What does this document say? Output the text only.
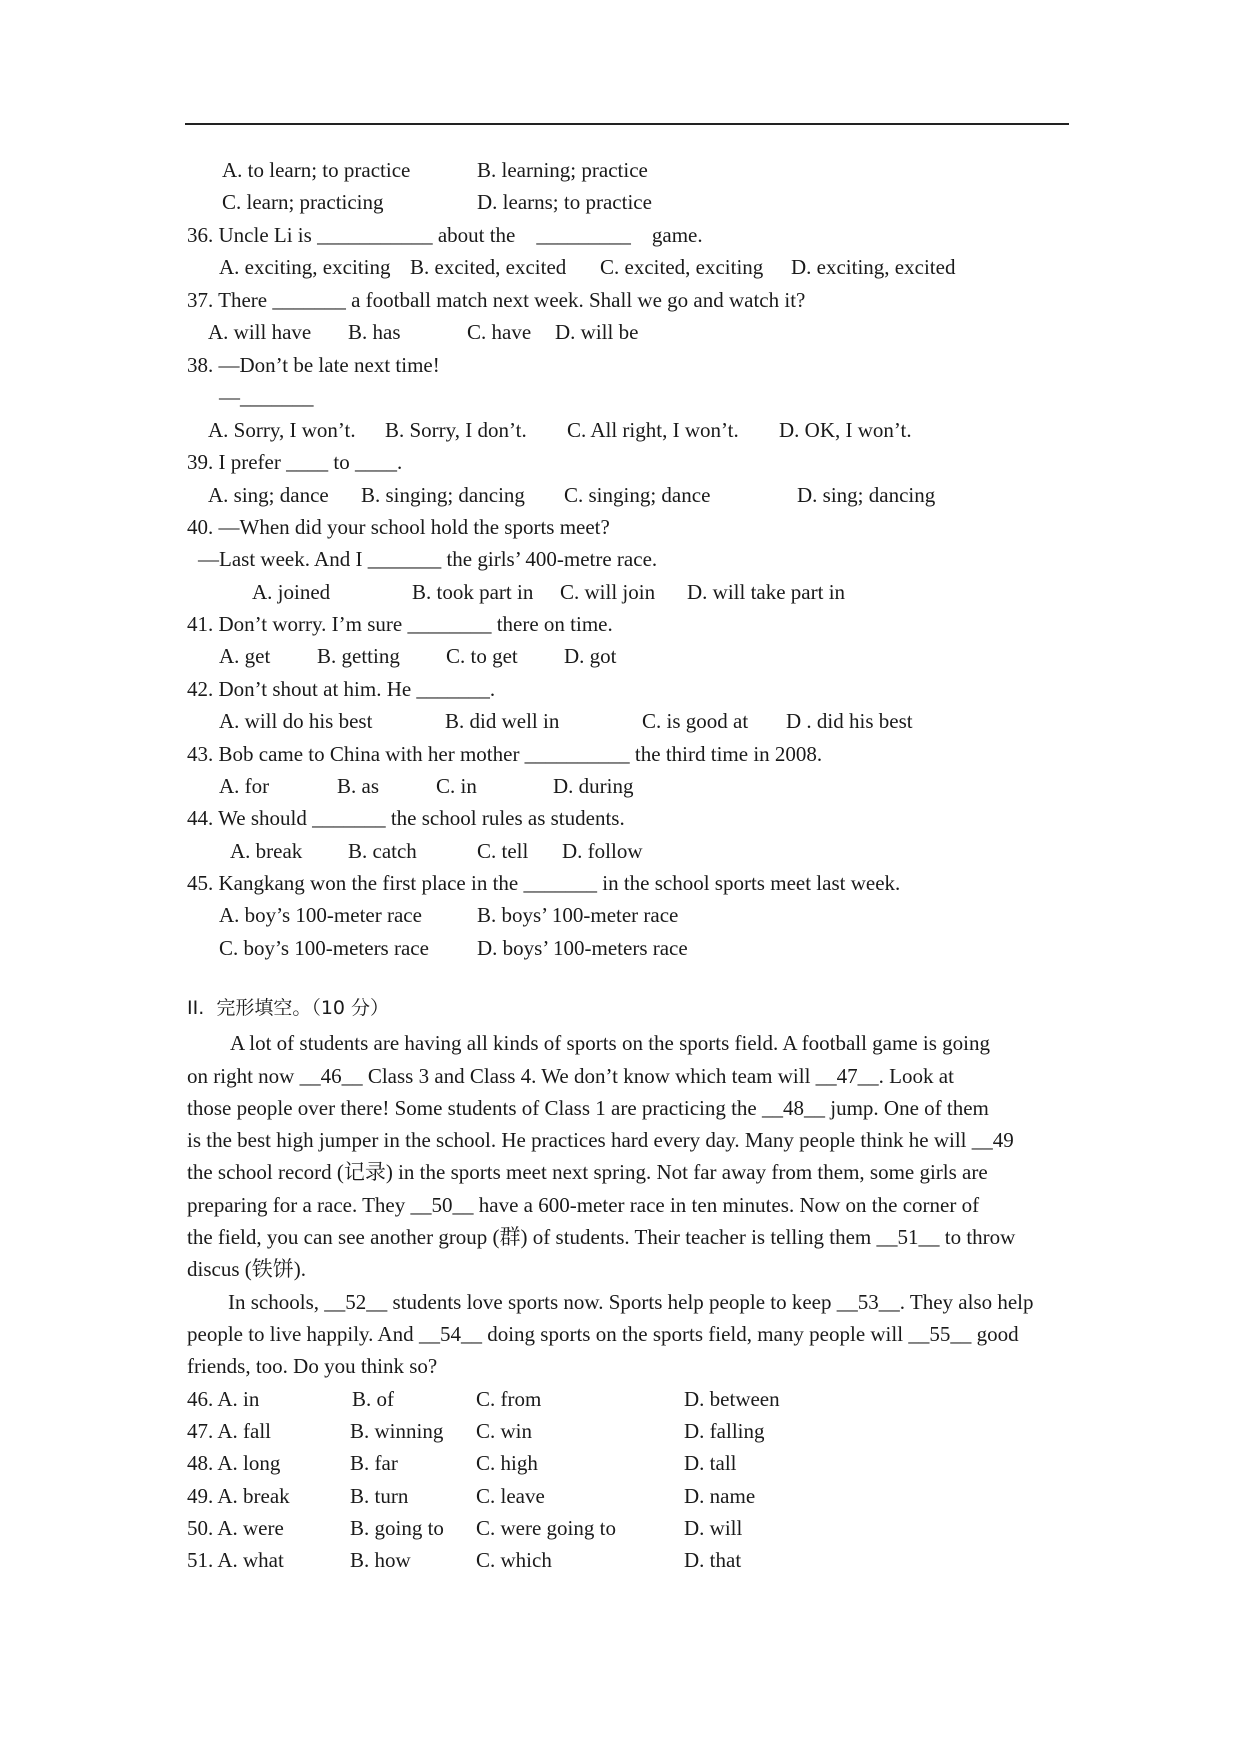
A. to learn; to practice	B. learning; practice
C. learn; practicing	D. learns; to practice
36. Uncle Li is ___________ about the    _________    game.
A. exciting, exciting B. excited, excited C. excited, exciting D. exciting, excited
37. There _______ a football match next week. Shall we go and watch it?
A. will have B. has	C. have D. will be
38. —Don’t be late next time!
—_______
A. Sorry, I won’t. B. Sorry, I don’t. C. All right, I won’t. D. OK, I won’t.
39. I prefer ____ to ____.
A. sing; dance B. singing; dancing C. singing; dance	D. sing; dancing
40. —When did your school hold the sports meet?
—Last week. And I _______ the girls’ 400-metre race.
A. joined	B. took part in C. will join D. will take part in
41. Don’t worry. I’m sure ________ there on time.
A. get B. getting C. to get D. got
42. Don’t shout at him. He _______.
A. will do his best	B. did well in	C. is good at D . did his best
43. Bob came to China with her mother __________ the third time in 2008.
A. for	B. as	C. in	D. during
44. We should _______ the school rules as students.
A. break B. catch	C. tell D. follow
45. Kangkang won the first place in the _______ in the school sports meet last week.
A. boy’s 100-meter race	B. boys’ 100-meter race
C. boy’s 100-meters race D. boys’ 100-meters race
II.  完形填空。（10 分）
A lot of students are having all kinds of sports on the sports field. A football game is going
on right now __46__ Class 3 and Class 4. We don’t know which team will __47__. Look at
those people over there! Some students of Class 1 are practicing the __48__ jump. One of them
is the best high jumper in the school. He practices hard every day. Many people think he will __49
the school record (记录) in the sports meet next spring. Not far away from them, some girls are
preparing for a race. They __50__ have a 600-meter race in ten minutes. Now on the corner of
the field, you can see another group (群) of students. Their teacher is telling them __51__ to throw
discus (铁饼).
In schools, __52__ students love sports now. Sports help people to keep __53__. They also help
people to live happily. And __54__ doing sports on the sports field, many people will __55__ good
friends, too. Do you think so?
46. A. in	B. of	C. from	D. between
47. A. fall	B. winning C. win	D. falling
48. A. long	B. far	C. high	D. tall
49. A. break	B. turn	C. leave	D. name
50. A. were	B. going to C. were going to	D. will
51. A. what	B. how	C. which	D. that
